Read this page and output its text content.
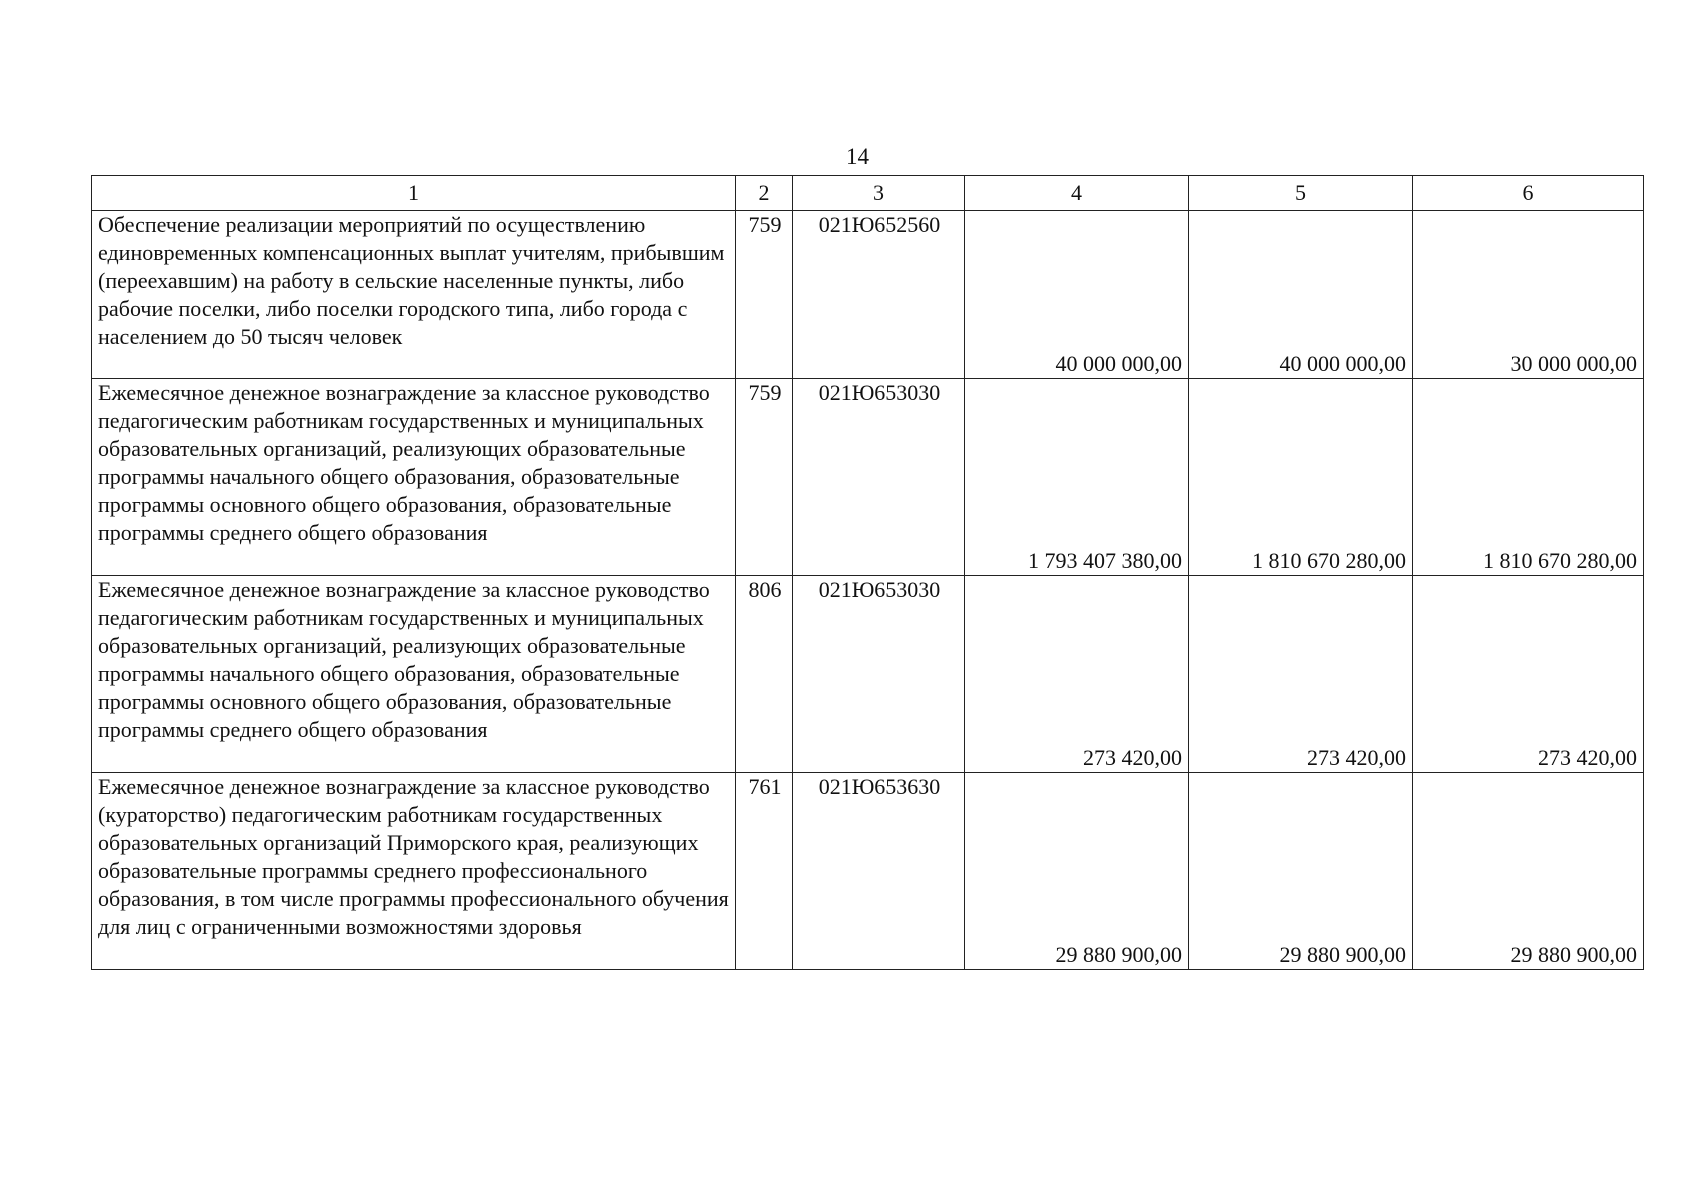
14
1	2	3	4	5	6
Обеспечение реализации мероприятий по осуществлению единовременных компенсационных выплат учителям, прибывшим (переехавшим) на работу в сельские населенные пункты, либо рабочие поселки, либо поселки городского типа, либо города с населением до 50 тысяч человек	759	021Ю652560	40 000 000,00	40 000 000,00	30 000 000,00
Ежемесячное денежное вознаграждение за классное руководство педагогическим работникам государственных и муниципальных образовательных организаций, реализующих образовательные программы начального общего образования, образовательные программы основного общего образования, образовательные программы среднего общего образования	759	021Ю653030	1 793 407 380,00	1 810 670 280,00	1 810 670 280,00
Ежемесячное денежное вознаграждение за классное руководство педагогическим работникам государственных и муниципальных образовательных организаций, реализующих образовательные программы начального общего образования, образовательные программы основного общего образования, образовательные программы среднего общего образования	806	021Ю653030	273 420,00	273 420,00	273 420,00
Ежемесячное денежное вознаграждение за классное руководство (кураторство) педагогическим работникам государственных образовательных организаций Приморского края, реализующих образовательные программы среднего профессионального образования, в том числе программы профессионального обучения для лиц с ограниченными возможностями здоровья	761	021Ю653630	29 880 900,00	29 880 900,00	29 880 900,00
